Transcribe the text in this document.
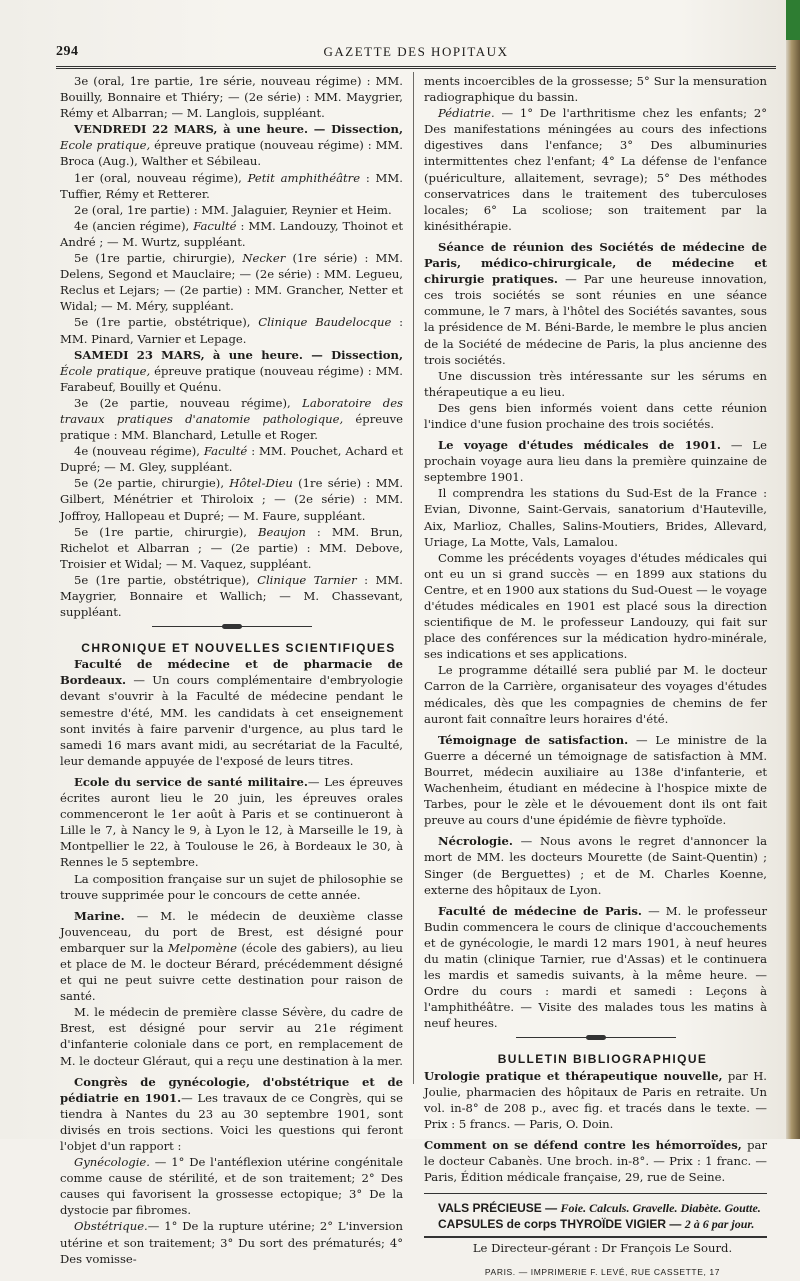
294	GAZETTE DES HOPITAUX

3e (oral, 1re partie, 1re série, nouveau régime) : MM. Bouilly, Bonnaire et Thiéry; — (2e série) : MM. Maygrier, Rémy et Albarran; — M. Langlois, suppléant.

VENDREDI 22 MARS, à une heure. — Dissection, Ecole pratique, épreuve pratique (nouveau régime) : MM. Broca (Aug.), Walther et Sébileau.

1er (oral, nouveau régime), Petit amphithéâtre : MM. Tuffier, Rémy et Retterer.

2e (oral, 1re partie) : MM. Jalaguier, Reynier et Heim.

4e (ancien régime), Faculté : MM. Landouzy, Thoinot et André ; — M. Wurtz, suppléant.

5e (1re partie, chirurgie), Necker (1re série) : MM. Delens, Segond et Mauclaire; — (2e série) : MM. Legueu, Reclus et Lejars; — (2e partie) : MM. Grancher, Netter et Widal; — M. Méry, suppléant.

5e (1re partie, obstétrique), Clinique Baudelocque : MM. Pinard, Varnier et Lepage.

SAMEDI 23 MARS, à une heure. — Dissection, École pratique, épreuve pratique (nouveau régime) : MM. Farabeuf, Bouilly et Quénu.

3e (2e partie, nouveau régime), Laboratoire des travaux pratiques d'anatomie pathologique, épreuve pratique : MM. Blanchard, Letulle et Roger.

4e (nouveau régime), Faculté : MM. Pouchet, Achard et Dupré; — M. Gley, suppléant.

5e (2e partie, chirurgie), Hôtel-Dieu (1re série) : MM. Gilbert, Ménétrier et Thiroloix ; — (2e série) : MM. Joffroy, Hallopeau et Dupré; — M. Faure, suppléant.

5e (1re partie, chirurgie), Beaujon : MM. Brun, Richelot et Albarran ; — (2e partie) : MM. Debove, Troisier et Widal; — M. Vaquez, suppléant.

5e (1re partie, obstétrique), Clinique Tarnier : MM. Maygrier, Bonnaire et Wallich; — M. Chassevant, suppléant.

CHRONIQUE ET NOUVELLES SCIENTIFIQUES

Faculté de médecine et de pharmacie de Bordeaux. — Un cours complémentaire d'embryologie devant s'ouvrir à la Faculté de médecine pendant le semestre d'été, MM. les candidats à cet enseignement sont invités à faire parvenir d'urgence, au plus tard le samedi 16 mars avant midi, au secrétariat de la Faculté, leur demande appuyée de l'exposé de leurs titres.

Ecole du service de santé militaire.— Les épreuves écrites auront lieu le 20 juin, les épreuves orales commenceront le 1er août à Paris et se continueront à Lille le 7, à Nancy le 9, à Lyon le 12, à Marseille le 19, à Montpellier le 22, à Toulouse le 26, à Bordeaux le 30, à Rennes le 5 septembre.

La composition française sur un sujet de philosophie se trouve supprimée pour le concours de cette année.

Marine. — M. le médecin de deuxième classe Jouvenceau, du port de Brest, est désigné pour embarquer sur la Melpomène (école des gabiers), au lieu et place de M. le docteur Bérard, précédemment désigné et qui ne peut suivre cette destination pour raison de santé.

M. le médecin de première classe Sévère, du cadre de Brest, est désigné pour servir au 21e régiment d'infanterie coloniale dans ce port, en remplacement de M. le docteur Gléraut, qui a reçu une destination à la mer.

Congrès de gynécologie, d'obstétrique et de pédiatrie en 1901.— Les travaux de ce Congrès, qui se tiendra à Nantes du 23 au 30 septembre 1901, sont divisés en trois sections. Voici les questions qui feront l'objet d'un rapport :

Gynécologie. — 1° De l'antéflexion utérine congénitale comme cause de stérilité, et de son traitement; 2° Des causes qui favorisent la grossesse ectopique; 3° De la dystocie par fibromes.

Obstétrique.— 1° De la rupture utérine; 2° L'inversion utérine et son traitement; 3° Du sort des prématurés; 4° Des vomisse-

ments incoercibles de la grossesse; 5° Sur la mensuration radiographique du bassin.

Pédiatrie. — 1° De l'arthritisme chez les enfants; 2° Des manifestations méningées au cours des infections digestives dans l'enfance; 3° Des albuminuries intermittentes chez l'enfant; 4° La défense de l'enfance (puériculture, allaitement, sevrage); 5° Des méthodes conservatrices dans le traitement des tuberculoses locales; 6° La scoliose; son traitement par la kinésithérapie.

Séance de réunion des Sociétés de médecine de Paris, médico-chirurgicale, de médecine et chirurgie pratiques. — Par une heureuse innovation, ces trois sociétés se sont réunies en une séance commune, le 7 mars, à l'hôtel des Sociétés savantes, sous la présidence de M. Béni-Barde, le membre le plus ancien de la Société de médecine de Paris, la plus ancienne des trois sociétés.

Une discussion très intéressante sur les sérums en thérapeutique a eu lieu.

Des gens bien informés voient dans cette réunion l'indice d'une fusion prochaine des trois sociétés.

Le voyage d'études médicales de 1901. — Le prochain voyage aura lieu dans la première quinzaine de septembre 1901.

Il comprendra les stations du Sud-Est de la France : Evian, Divonne, Saint-Gervais, sanatorium d'Hauteville, Aix, Marlioz, Challes, Salins-Moutiers, Brides, Allevard, Uriage, La Motte, Vals, Lamalou.

Comme les précédents voyages d'études médicales qui ont eu un si grand succès — en 1899 aux stations du Centre, et en 1900 aux stations du Sud-Ouest — le voyage d'études médicales en 1901 est placé sous la direction scientifique de M. le professeur Landouzy, qui fait sur place des conférences sur la médication hydro-minérale, ses indications et ses applications.

Le programme détaillé sera publié par M. le docteur Carron de la Carrière, organisateur des voyages d'études médicales, dès que les compagnies de chemins de fer auront fait connaître leurs horaires d'été.

Témoignage de satisfaction. — Le ministre de la Guerre a décerné un témoignage de satisfaction à MM. Bourret, médecin auxiliaire au 138e d'infanterie, et Wachenheim, étudiant en médecine à l'hospice mixte de Tarbes, pour le zèle et le dévouement dont ils ont fait preuve au cours d'une épidémie de fièvre typhoïde.

Nécrologie. — Nous avons le regret d'annoncer la mort de MM. les docteurs Mourette (de Saint-Quentin) ; Singer (de Berguettes) ; et de M. Charles Koenne, externe des hôpitaux de Lyon.

Faculté de médecine de Paris. — M. le professeur Budin commencera le cours de clinique d'accouchements et de gynécologie, le mardi 12 mars 1901, à neuf heures du matin (clinique Tarnier, rue d'Assas) et le continuera les mardis et samedis suivants, à la même heure. — Ordre du cours : mardi et samedi : Leçons à l'amphithéâtre. — Visite des malades tous les matins à neuf heures.

BULLETIN BIBLIOGRAPHIQUE

Urologie pratique et thérapeutique nouvelle, par H. Joulie, pharmacien des hôpitaux de Paris en retraite. Un vol. in-8° de 208 p., avec fig. et tracés dans le texte. — Prix : 5 francs. — Paris, O. Doin.

Comment on se défend contre les hémorroïdes, par le docteur Cabanès. Une broch. in-8°. — Prix : 1 franc. — Paris, Édition médicale française, 29, rue de Seine.

VALS PRÉCIEUSE — Foie. Calculs. Gravelle. Diabète. Goutte.

CAPSULES de corps THYROÏDE VIGIER — 2 à 6 par jour.

Le Directeur-gérant : Dr François Le Sourd.

PARIS. — IMPRIMERIE F. LEVÉ, RUE CASSETTE, 17
